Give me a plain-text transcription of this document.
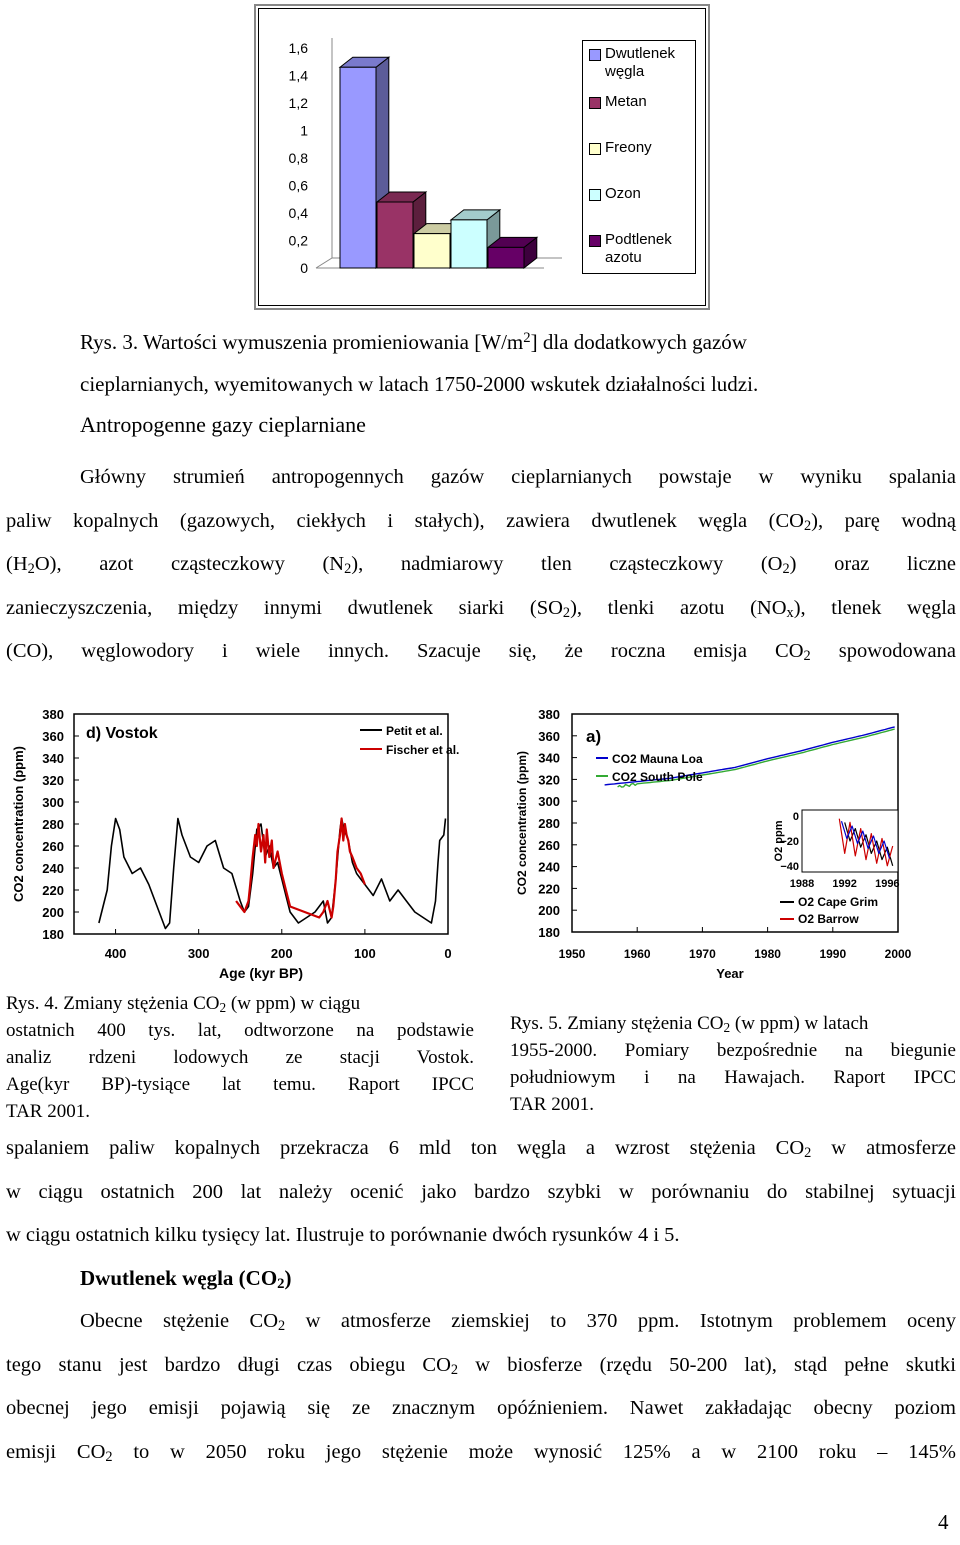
1,6
1,4
1,2
1
0,8
0,6
0,4
0,2
0
Dwutlenek
węgla
Metan
Freony
Ozon
Podtlenek
azotu
Rys. 3. Wartości wymuszenia promieniowania $[W/m^2]$ dla dodatkowych gazów
cieplarnianych, wyemitowanych w latach 1750-2000 wskutek działalności ludzi.
Antropogenne gazy cieplarniane
Główny strumień antropogennych gazów cieplarnianych powstaje w wyniku spalania
paliw kopalnych (gazowych, ciekłych i stałych), zawiera dwutlenek węgla $(CO_2)$, parę wodną
$(H_2O)$, azot cząsteczkowy $(N_2)$, nadmiarowy tlen cząsteczkowy $(O_2)$ oraz liczne
zanieczyszczenia, między innymi dwutlenek siarki $(SO_2)$, tlenki azotu $(NO_x)$, tlenek węgla
(CO), węglowodory i wiele innych. Szacuje się, że roczna emisja $CO_2$ spowodowana
380
360
340
320
300
280
260
240
220
200
180
400	300	200	100	0
Age (kyr BP)
CO2 concentration (ppm)
d) Vostok	Petit et al.
Fischer et al.
380
360
340
320
300
280
260
240
220
200
180
1950	1960	1970	1980	1990	2000
Year
CO2 concentration (ppm)
a)
CO2 Mauna Loa
CO2 South Pole
0
−20
−40
1988 1992 1996
O2 ppm
O2 Cape Grim
O2 Barrow
Rys. 4. Zmiany stężenia $CO_2$ (w ppm) w ciągu
ostatnich 400 tys. lat, odtworzone na podstawie
analiz rdzeni lodowych ze stacji Vostok.
Age(kyr BP)-tysiące lat temu. Raport IPCC
TAR 2001.
Rys. 5. Zmiany stężenia $CO_2$ (w ppm) w latach
1955-2000. Pomiary bezpośrednie na biegunie
południowym i na Hawajach. Raport IPCC
TAR 2001.
spalaniem paliw kopalnych przekracza 6 mld ton węgla a wzrost stężenia $CO_2$ w atmosferze
w ciągu ostatnich 200 lat należy ocenić jako bardzo szybki w porównaniu do stabilnej sytuacji
w ciągu ostatnich kilku tysięcy lat. Ilustruje to porównanie dwóch rysunków 4 i 5.
Dwutlenek węgla $(CO_2)$
Obecne stężenie $CO_2$ w atmosferze ziemskiej to 370 ppm. Istotnym problemem oceny
tego stanu jest bardzo długi czas obiegu $CO_2$ w biosferze (rzędu 50-200 lat), stąd pełne skutki
obecnej jego emisji pojawią się ze znacznym opóźnieniem. Nawet zakładając obecny poziom
emisji $CO_2$ to w 2050 roku jego stężenie może wynosić 125% a w 2100 roku – 145%
4
